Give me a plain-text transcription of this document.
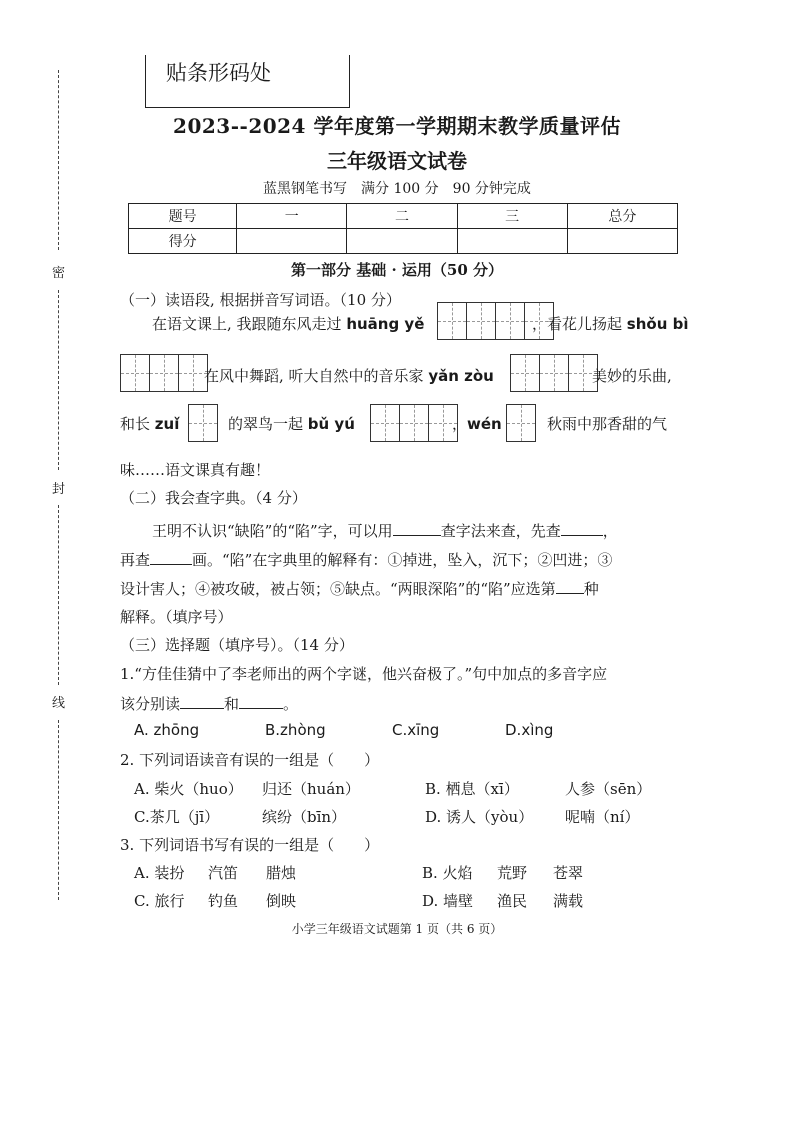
密
封
线
贴条形码处
2023--2024 学年度第一学期期末教学质量评估
三年级语文试卷
蓝黑钢笔书写　满分 100 分　90 分钟完成
题号	一	二	三	总分
得分				
第一部分 基础 · 运用（50 分）
（一）读语段, 根据拼音写词语。（10 分）
在语文课上, 我跟随东风走过 huāng yě	，看花儿扬起 shǒu bì
在风中舞蹈, 听大自然中的音乐家 yǎn zòu	美妙的乐曲,
和长 zuǐ	的翠鸟一起 bǔ yú	，wén	秋雨中那香甜的气
味……语文课真有趣！
（二）我会查字典。（4 分）
王明不认识“缺陷”的“陷”字，可以用	查字法来查，先查	，
再查	画。“陷”在字典里的解释有：①掉进，坠入，沉下；②凹进；③
设计害人；④被攻破，被占领；⑤缺点。“两眼深陷”的“陷”应选第 种
解释。（填序号）
（三）选择题（填序号）。（14 分）
1.“方佳佳猜中了李老师出的两个字谜，他兴奋极了。”句中加点的多音字应
该分别读	和	。
A. zhōng	B.zhòng	C.xīng	D.xìng
2. 下列词语读音有误的一组是（　　）
A. 柴火（huo） 归还（huán）	B. 栖息（xī）	人参（sēn）
C.茶几（jī）	缤纷（bīn）	D. 诱人（yòu） 呢喃（ní）
3. 下列词语书写有误的一组是（　　）
A. 装扮 汽笛 腊烛	B. 火焰 荒野 苍翠
C. 旅行 钓鱼 倒映	D. 墙壁 渔民 满载
小学三年级语文试题第 1 页（共 6 页）
